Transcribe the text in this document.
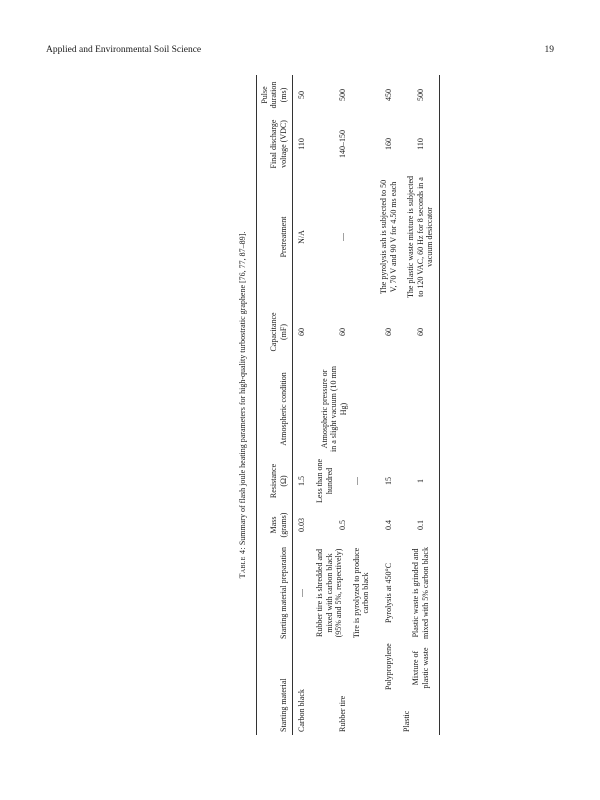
Applied and Environmental Soil Science	19
Table 4: Summary of flash joule heating parameters for high-quality turbostratic graphene [76, 77, 87–89].
Starting material		Starting material preparation	Mass (grams)	Resistance (Ω)	Atmospheric condition	Capacitance (mF)	Pretreatment	Final discharge voltage (VDC)	Pulse duration (ms)
Carbon black		—	0.03	1.5	Atmospheric pressure or in a slight vacuum (10 mm Hg)	60	N/A	110	50
Rubber tire		Rubber tire is shredded and mixed with carbon black (95% and 5%, respectively)	0.5	Less than one hundred		60	—	140–150	500
		Tire is pyrolyzed to produce carbon black		—					
Plastic	Polypropylene	Pyrolysis at 450°C	0.4	15		60	The pyrolysis ash is subjected to 50 V, 70 V and 90 V for 4.50 ms each	160	450
	Mixture of plastic waste	Plastic waste is grinded and mixed with 5% carbon black	0.1	1		60	The plastic waste mixture is subjected to 120 VAC, 60 Hz for 8 seconds in a vacuum desiccator	110	500
